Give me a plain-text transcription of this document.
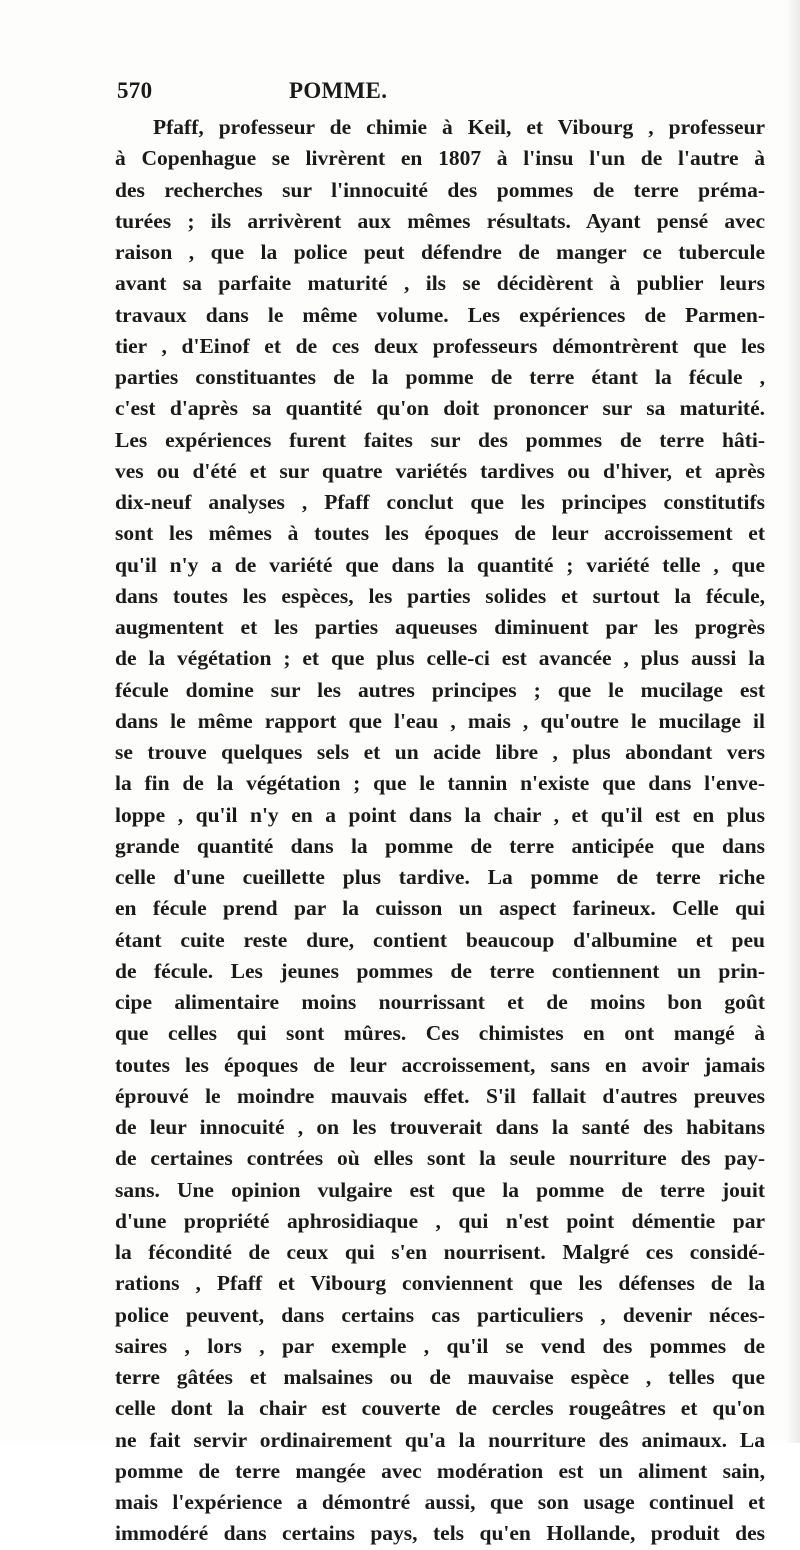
570	POMME.
Pfaff, professeur de chimie à Keil, et Vibourg , professeur
à Copenhague se livrèrent en 1807 à l'insu l'un de l'autre à
des recherches sur l'innocuité des pommes de terre préma-
turées ; ils arrivèrent aux mêmes résultats. Ayant pensé avec
raison , que la police peut défendre de manger ce tubercule
avant sa parfaite maturité , ils se décidèrent à publier leurs
travaux dans le même volume. Les expériences de Parmen-
tier , d'Einof et de ces deux professeurs démontrèrent que les
parties constituantes de la pomme de terre étant la fécule ,
c'est d'après sa quantité qu'on doit prononcer sur sa maturité.
Les expériences furent faites sur des pommes de terre hâti-
ves ou d'été et sur quatre variétés tardives ou d'hiver, et après
dix-neuf analyses , Pfaff conclut que les principes constitutifs
sont les mêmes à toutes les époques de leur accroissement et
qu'il n'y a de variété que dans la quantité ; variété telle , que
dans toutes les espèces, les parties solides et surtout la fécule,
augmentent et les parties aqueuses diminuent par les progrès
de la végétation ; et que plus celle-ci est avancée , plus aussi la
fécule domine sur les autres principes ; que le mucilage est
dans le même rapport que l'eau , mais , qu'outre le mucilage il
se trouve quelques sels et un acide libre , plus abondant vers
la fin de la végétation ; que le tannin n'existe que dans l'enve-
loppe , qu'il n'y en a point dans la chair , et qu'il est en plus
grande quantité dans la pomme de terre anticipée que dans
celle d'une cueillette plus tardive. La pomme de terre riche
en fécule prend par la cuisson un aspect farineux. Celle qui
étant cuite reste dure, contient beaucoup d'albumine et peu
de fécule. Les jeunes pommes de terre contiennent un prin-
cipe alimentaire moins nourrissant et de moins bon goût
que celles qui sont mûres. Ces chimistes en ont mangé à
toutes les époques de leur accroissement, sans en avoir jamais
éprouvé le moindre mauvais effet. S'il fallait d'autres preuves
de leur innocuité , on les trouverait dans la santé des habitans
de certaines contrées où elles sont la seule nourriture des pay-
sans. Une opinion vulgaire est que la pomme de terre jouit
d'une propriété aphrosidiaque , qui n'est point démentie par
la fécondité de ceux qui s'en nourrisent. Malgré ces considé-
rations , Pfaff et Vibourg conviennent que les défenses de la
police peuvent, dans certains cas particuliers , devenir néces-
saires , lors , par exemple , qu'il se vend des pommes de
terre gâtées et malsaines ou de mauvaise espèce , telles que
celle dont la chair est couverte de cercles rougeâtres et qu'on
ne fait servir ordinairement qu'a la nourriture des animaux. La
pomme de terre mangée avec modération est un aliment sain,
mais l'expérience a démontré aussi, que son usage continuel et
immodéré dans certains pays, tels qu'en Hollande, produit des
